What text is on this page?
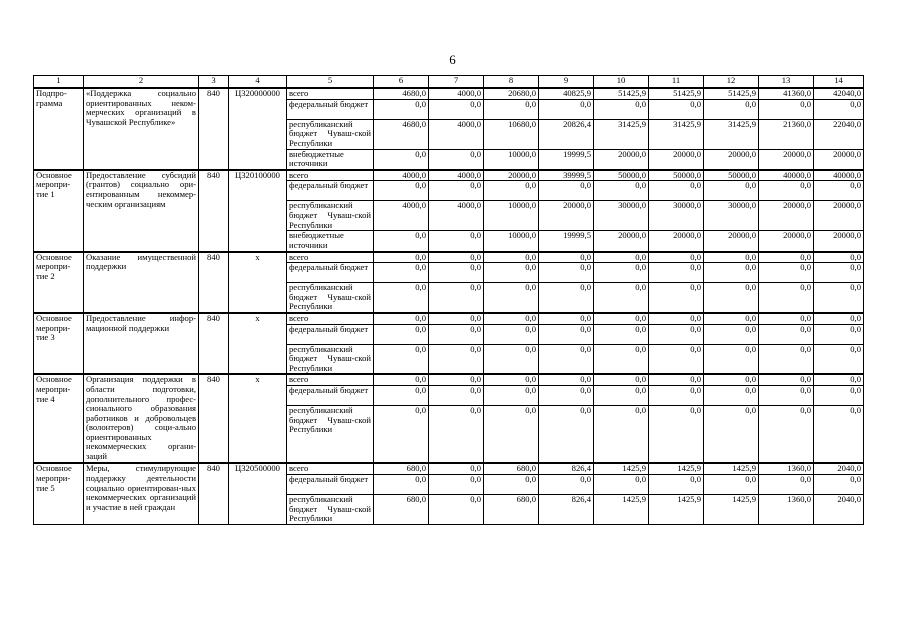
6
1	2	3	4	5	6	7	8	9	10	11	12	13	14
Подпро-грамма	«Поддержка социально ориентированных неком-мерческих организаций в Чувашской Республике»	840	Ц320000000	всего	4680,0	4000,0	20680,0	40825,9	51425,9	51425,9	51425,9	41360,0	42040,0
				федеральный бюджет	0,0	0,0	0,0	0,0	0,0	0,0	0,0	0,0	0,0
				республиканский бюджет Чуваш-ской Республики	4680,0	4000,0	10680,0	20826,4	31425,9	31425,9	31425,9	21360,0	22040,0
				внебюджетные источники	0,0	0,0	10000,0	19999,5	20000,0	20000,0	20000,0	20000,0	20000,0
Основное меропри-тие 1	Предоставление субсидий (грантов) социально ори-ентированным некоммер-ческим организациям	840	Ц320100000	всего	4000,0	4000,0	20000,0	39999,5	50000,0	50000,0	50000,0	40000,0	40000,0
				федеральный бюджет	0,0	0,0	0,0	0,0	0,0	0,0	0,0	0,0	0,0
				республиканский бюджет Чуваш-ской Республики	4000,0	4000,0	10000,0	20000,0	30000,0	30000,0	30000,0	20000,0	20000,0
				внебюджетные источники	0,0	0,0	10000,0	19999,5	20000,0	20000,0	20000,0	20000,0	20000,0
Основное меропри-тие 2	Оказание имущественной поддержки	840	х	всего	0,0	0,0	0,0	0,0	0,0	0,0	0,0	0,0	0,0
				федеральный бюджет	0,0	0,0	0,0	0,0	0,0	0,0	0,0	0,0	0,0
				республиканский бюджет Чуваш-ской Республики	0,0	0,0	0,0	0,0	0,0	0,0	0,0	0,0	0,0
Основное меропри-тие 3	Предоставление инфор-мационной поддержки	840	х	всего	0,0	0,0	0,0	0,0	0,0	0,0	0,0	0,0	0,0
				федеральный бюджет	0,0	0,0	0,0	0,0	0,0	0,0	0,0	0,0	0,0
				республиканский бюджет Чуваш-ской Республики	0,0	0,0	0,0	0,0	0,0	0,0	0,0	0,0	0,0
Основное меропри-тие 4	Организация поддержки в области подготовки, дополнительного профес-сионального образования работников и добровольцев (волонтеров) соци-ально ориентированных некоммерческих органи-заций	840	х	всего	0,0	0,0	0,0	0,0	0,0	0,0	0,0	0,0	0,0
				федеральный бюджет	0,0	0,0	0,0	0,0	0,0	0,0	0,0	0,0	0,0
				республиканский бюджет Чуваш-ской Республики	0,0	0,0	0,0	0,0	0,0	0,0	0,0	0,0	0,0
Основное меропри-тие 5	Меры, стимулирующие поддержку деятельности социально ориентирован-ных некоммерческих организаций и участие в ней граждан	840	Ц320500000	всего	680,0	0,0	680,0	826,4	1425,9	1425,9	1425,9	1360,0	2040,0
				федеральный бюджет	0,0	0,0	0,0	0,0	0,0	0,0	0,0	0,0	0,0
				республиканский бюджет Чуваш-ской Республики	680,0	0,0	680,0	826,4	1425,9	1425,9	1425,9	1360,0	2040,0
